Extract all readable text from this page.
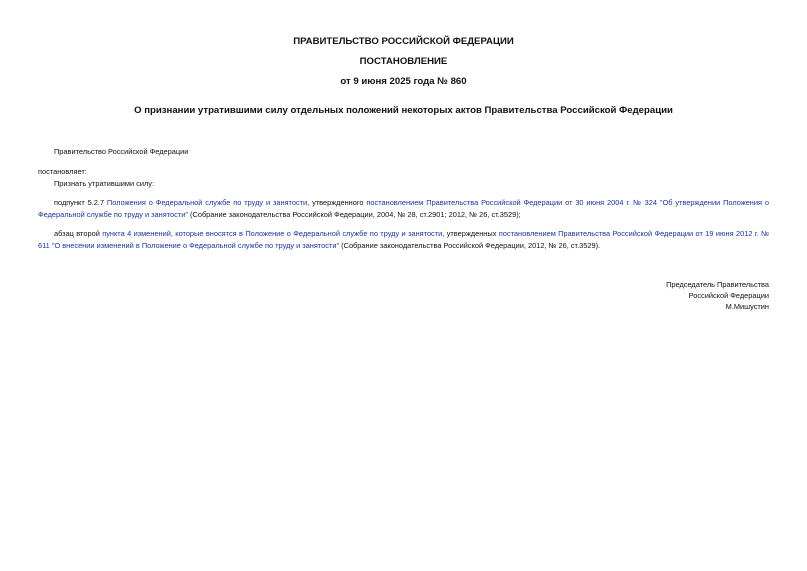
ПРАВИТЕЛЬСТВО РОССИЙСКОЙ ФЕДЕРАЦИИ
ПОСТАНОВЛЕНИЕ
от 9 июня 2025 года № 860
О признании утратившими силу отдельных положений некоторых актов Правительства Российской Федерации
Правительство Российской Федерации
постановляет:
Признать утратившими силу:
подпункт 5.2.7 Положения о Федеральной службе по труду и занятости, утвержденного постановлением Правительства Российской Федерации от 30 июня 2004 г. № 324 "Об утверждении Положения о Федеральной службе по труду и занятости" (Собрание законодательства Российской Федерации, 2004, № 28, ст.2901; 2012, № 26, ст.3529);
абзац второй пункта 4 изменений, которые вносятся в Положение о Федеральной службе по труду и занятости, утвержденных постановлением Правительства Российской Федерации от 19 июня 2012 г. № 611 "О внесении изменений в Положение о Федеральной службе по труду и занятости" (Собрание законодательства Российской Федерации, 2012, № 26, ст.3529).
Председатель Правительства
Российской Федерации
М.Мишустин
